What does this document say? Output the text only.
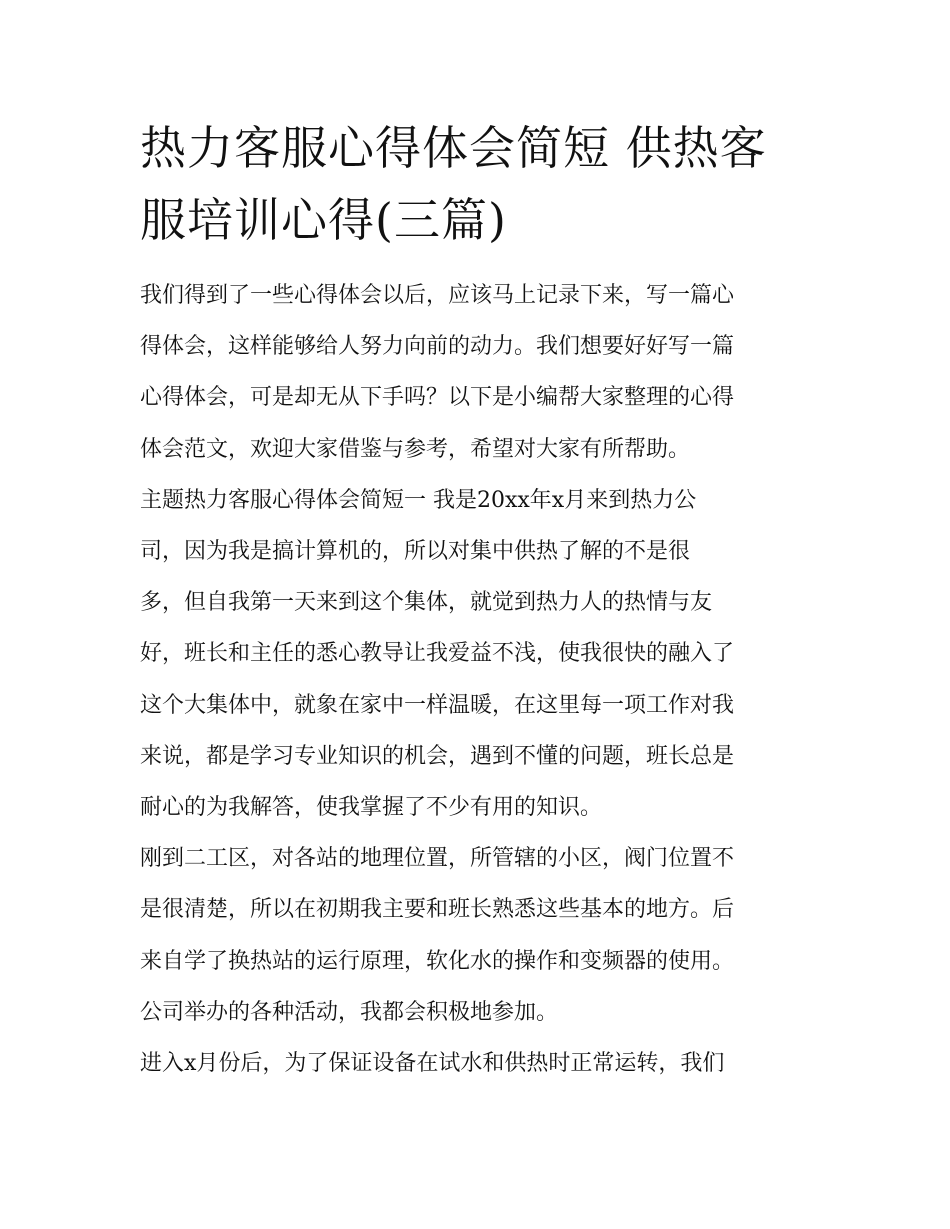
热力客服心得体会简短 供热客
服培训心得(三篇)
我们得到了一些心得体会以后，应该马上记录下来，写一篇心
得体会，这样能够给人努力向前的动力。我们想要好好写一篇
心得体会，可是却无从下手吗？以下是小编帮大家整理的心得
体会范文，欢迎大家借鉴与参考，希望对大家有所帮助。
主题热力客服心得体会简短一 我是20xx年x月来到热力公
司，因为我是搞计算机的，所以对集中供热了解的不是很
多，但自我第一天来到这个集体，就觉到热力人的热情与友
好，班长和主任的悉心教导让我爱益不浅，使我很快的融入了
这个大集体中，就象在家中一样温暖，在这里每一项工作对我
来说，都是学习专业知识的机会，遇到不懂的问题，班长总是
耐心的为我解答，使我掌握了不少有用的知识。
刚到二工区，对各站的地理位置，所管辖的小区，阀门位置不
是很清楚，所以在初期我主要和班长熟悉这些基本的地方。后
来自学了换热站的运行原理，软化水的操作和变频器的使用。
公司举办的各种活动，我都会积极地参加。
进入x月份后，为了保证设备在试水和供热时正常运转，我们
